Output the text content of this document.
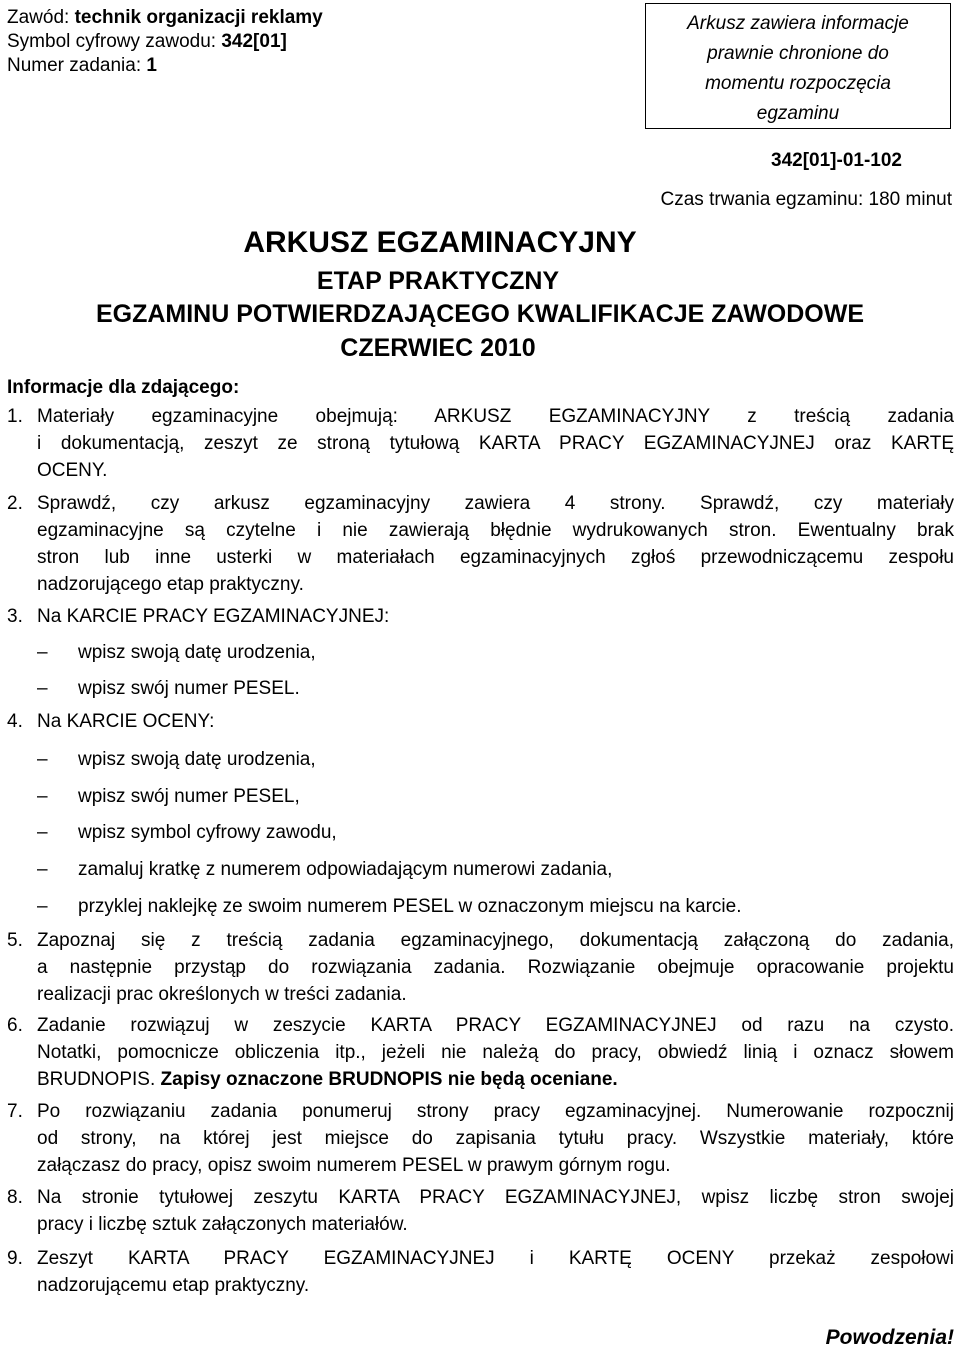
Zawód: technik organizacji reklamy
Symbol cyfrowy zawodu: 342[01]
Numer zadania: 1
Arkusz zawiera informacje
prawnie chronione do
momentu rozpoczęcia
egzaminu
342[01]-01-102
Czas trwania egzaminu: 180 minut
ARKUSZ EGZAMINACYJNY
ETAP PRAKTYCZNY
EGZAMINU POTWIERDZAJĄCEGO KWALIFIKACJE ZAWODOWE
CZERWIEC 2010
Informacje dla zdającego:
1. Materiały egzaminacyjne obejmują: ARKUSZ EGZAMINACYJNY z treścią zadania
i dokumentacją, zeszyt ze stroną tytułową KARTA PRACY EGZAMINACYJNEJ oraz KARTĘ
OCENY.
2. Sprawdź, czy arkusz egzaminacyjny zawiera 4 strony. Sprawdź, czy materiały
egzaminacyjne są czytelne i nie zawierają błędnie wydrukowanych stron. Ewentualny brak
stron lub inne usterki w materiałach egzaminacyjnych zgłoś przewodniczącemu zespołu
nadzorującego etap praktyczny.
3. Na KARCIE PRACY EGZAMINACYJNEJ:
– wpisz swoją datę urodzenia,
– wpisz swój numer PESEL.
4. Na KARCIE OCENY:
– wpisz swoją datę urodzenia,
– wpisz swój numer PESEL,
– wpisz symbol cyfrowy zawodu,
– zamaluj kratkę z numerem odpowiadającym numerowi zadania,
– przyklej naklejkę ze swoim numerem PESEL w oznaczonym miejscu na karcie.
5. Zapoznaj się z treścią zadania egzaminacyjnego, dokumentacją załączoną do zadania,
a następnie przystąp do rozwiązania zadania. Rozwiązanie obejmuje opracowanie projektu
realizacji prac określonych w treści zadania.
6. Zadanie rozwiązuj w zeszycie KARTA PRACY EGZAMINACYJNEJ od razu na czysto.
Notatki, pomocnicze obliczenia itp., jeżeli nie należą do pracy, obwiedź linią i oznacz słowem
BRUDNOPIS. Zapisy oznaczone BRUDNOPIS nie będą oceniane.
7. Po rozwiązaniu zadania ponumeruj strony pracy egzaminacyjnej. Numerowanie rozpocznij
od strony, na której jest miejsce do zapisania tytułu pracy. Wszystkie materiały, które
załączasz do pracy, opisz swoim numerem PESEL w prawym górnym rogu.
8. Na stronie tytułowej zeszytu KARTA PRACY EGZAMINACYJNEJ, wpisz liczbę stron swojej
pracy i liczbę sztuk załączonych materiałów.
9. Zeszyt KARTA PRACY EGZAMINACYJNEJ i KARTĘ OCENY przekaż zespołowi
nadzorującemu etap praktyczny.
Powodzenia!
